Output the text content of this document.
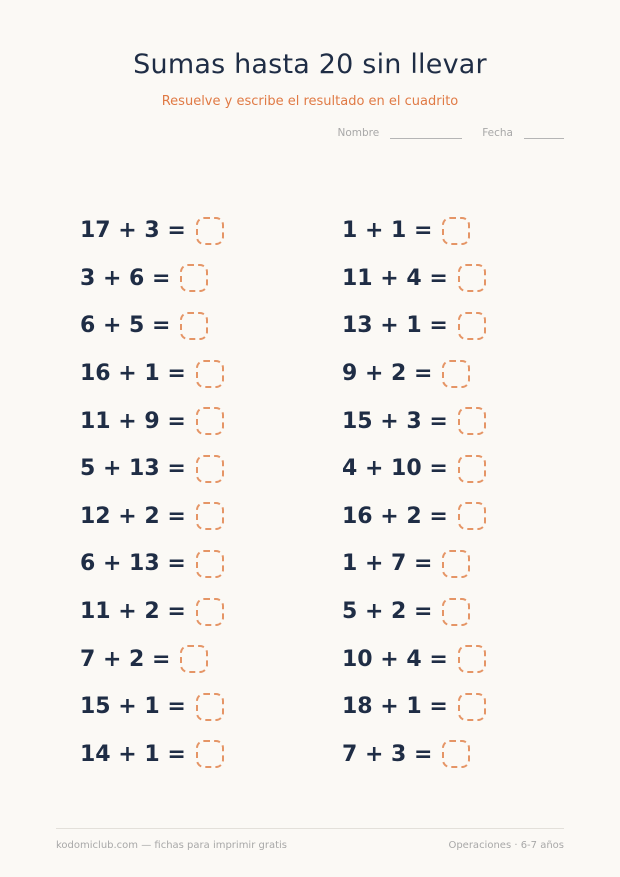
Sumas hasta 20 sin llevar
Resuelve y escribe el resultado en el cuadrito
Nombre	Fecha
17 + 3 =
3 + 6 =
6 + 5 =
16 + 1 =
11 + 9 =
5 + 13 =
12 + 2 =
6 + 13 =
11 + 2 =
7 + 2 =
15 + 1 =
14 + 1 =
1 + 1 =
11 + 4 =
13 + 1 =
9 + 2 =
15 + 3 =
4 + 10 =
16 + 2 =
1 + 7 =
5 + 2 =
10 + 4 =
18 + 1 =
7 + 3 =
kodomiclub.com — fichas para imprimir gratis	Operaciones · 6-7 años
